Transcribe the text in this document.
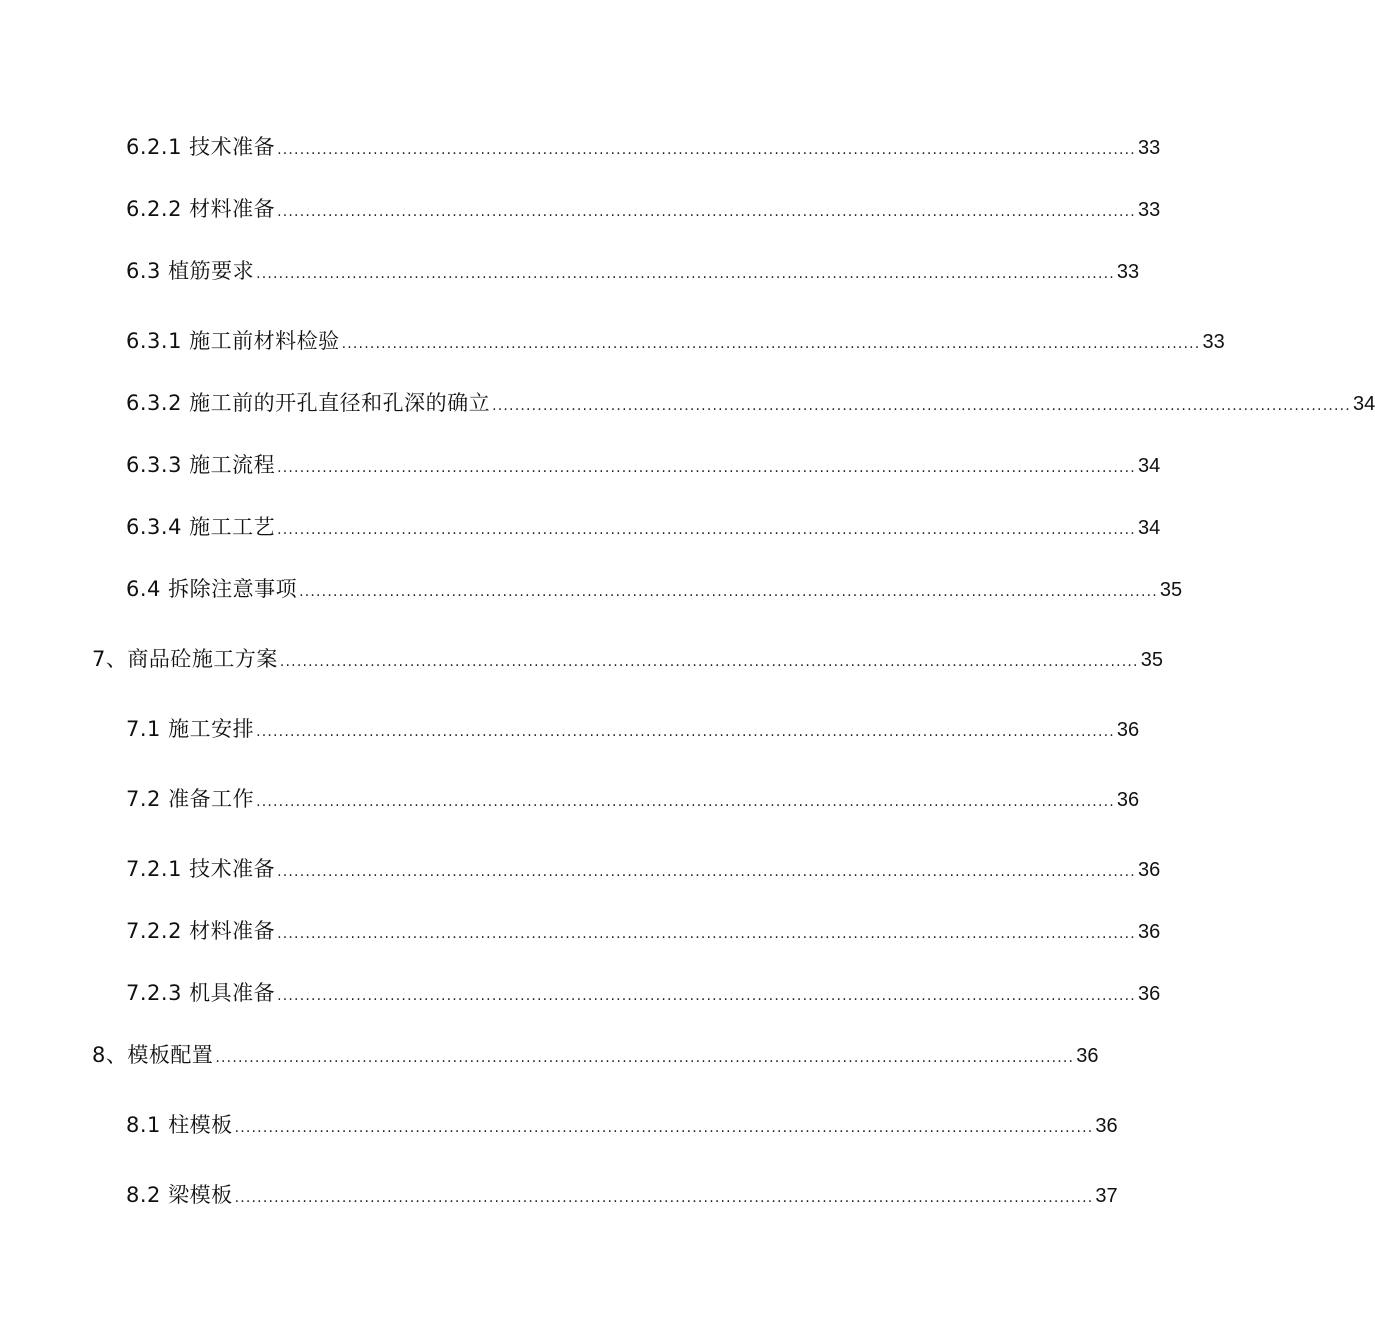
6.2.1 技术准备 ........................................................................................................................................................ 33
6.2.2 材料准备 ........................................................................................................................................................ 33
6.3 植筋要求 ........................................................................................................................................................ 33
6.3.1 施工前材料检验 ........................................................................................................................................................ 33
6.3.2 施工前的开孔直径和孔深的确立 ........................................................................................................................................................ 34
6.3.3 施工流程 ........................................................................................................................................................ 34
6.3.4 施工工艺 ........................................................................................................................................................ 34
6.4 拆除注意事项 ........................................................................................................................................................ 35
7、商品砼施工方案 ........................................................................................................................................................ 35
7.1 施工安排 ........................................................................................................................................................ 36
7.2 准备工作 ........................................................................................................................................................ 36
7.2.1 技术准备 ........................................................................................................................................................ 36
7.2.2 材料准备 ........................................................................................................................................................ 36
7.2.3 机具准备 ........................................................................................................................................................ 36
8、模板配置 ........................................................................................................................................................ 36
8.1 柱模板 ........................................................................................................................................................ 36
8.2 梁模板 ........................................................................................................................................................ 37
